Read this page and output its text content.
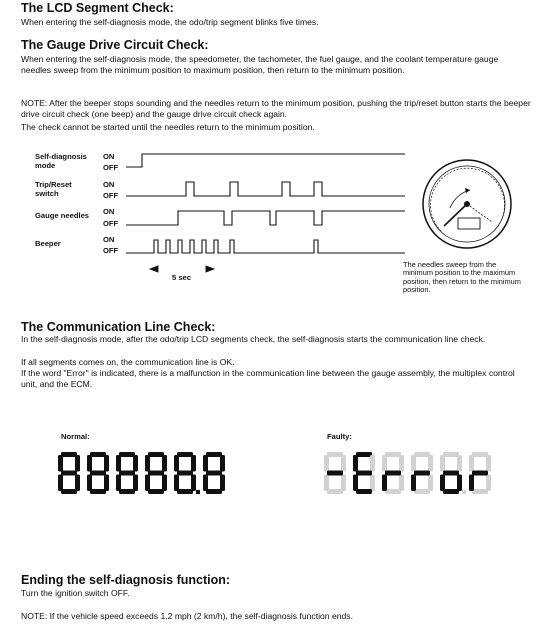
The LCD Segment Check:

When entering the self-diagnosis mode, the odo/trip segment blinks five times.

The Gauge Drive Circuit Check:

When entering the self-diagnosis mode, the speedometer, the tachometer, the fuel gauge, and the coolant temperature gauge needles sweep from the minimum position to maximum position, then return to the minimum position.

NOTE: After the beeper stops sounding and the needles return to the minimum position, pushing the trip/reset button starts the beeper drive circuit check (one beep) and the gauge drive circuit check again.

The check cannot be started until the needles return to the minimum position.

Self-diagnosis mode
Trip/Reset switch
Gauge needles
Beeper
ON
OFF
ON
OFF
ON
OFF
ON
OFF
5 sec
The needles sweep from the minimum position to the maximum position, then return to the minimum position.
The Communication Line Check:

In the self-diagnosis mode, after the odo/trip LCD segments check, the self-diagnosis starts the communication line check.

If all segments comes on, the communication line is OK.

If the word "Error" is indicated, there is a malfunction in the communication line between the gauge assembly, the multiplex control unit, and the ECM.

Normal:	Faulty:
Ending the self-diagnosis function:

Turn the ignition switch OFF.

NOTE: If the vehicle speed exceeds 1.2 mph (2 km/h), the self-diagnosis function ends.
